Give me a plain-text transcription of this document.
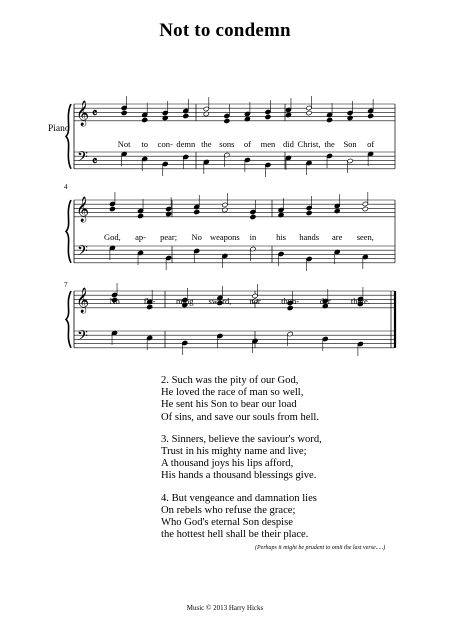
Not to condemn
Piano
4
7
𝄞
𝄢
𝄴
𝄴
𝄞
𝄢
𝄞
𝄢
Not to con- demn the sons of men did Christ, the Son of
God, ap- pear; No weapons in his hands are seen,
No	fla- ming sword, nor thun- der there.
2. Such was the pity of our God,
He loved the race of man so well,
He sent his Son to bear our load
Of sins, and save our souls from hell.
3. Sinners, believe the saviour's word,
Trust in his mighty name and live;
A thousand joys his lips afford,
His hands a thousand blessings give.
4. But vengeance and damnation lies
On rebels who refuse the grace;
Who God's eternal Son despise
the hottest hell shall be their place.
(Perhaps it might be prudent to omit the last verse.....)
Music © 2013 Harry Hicks
